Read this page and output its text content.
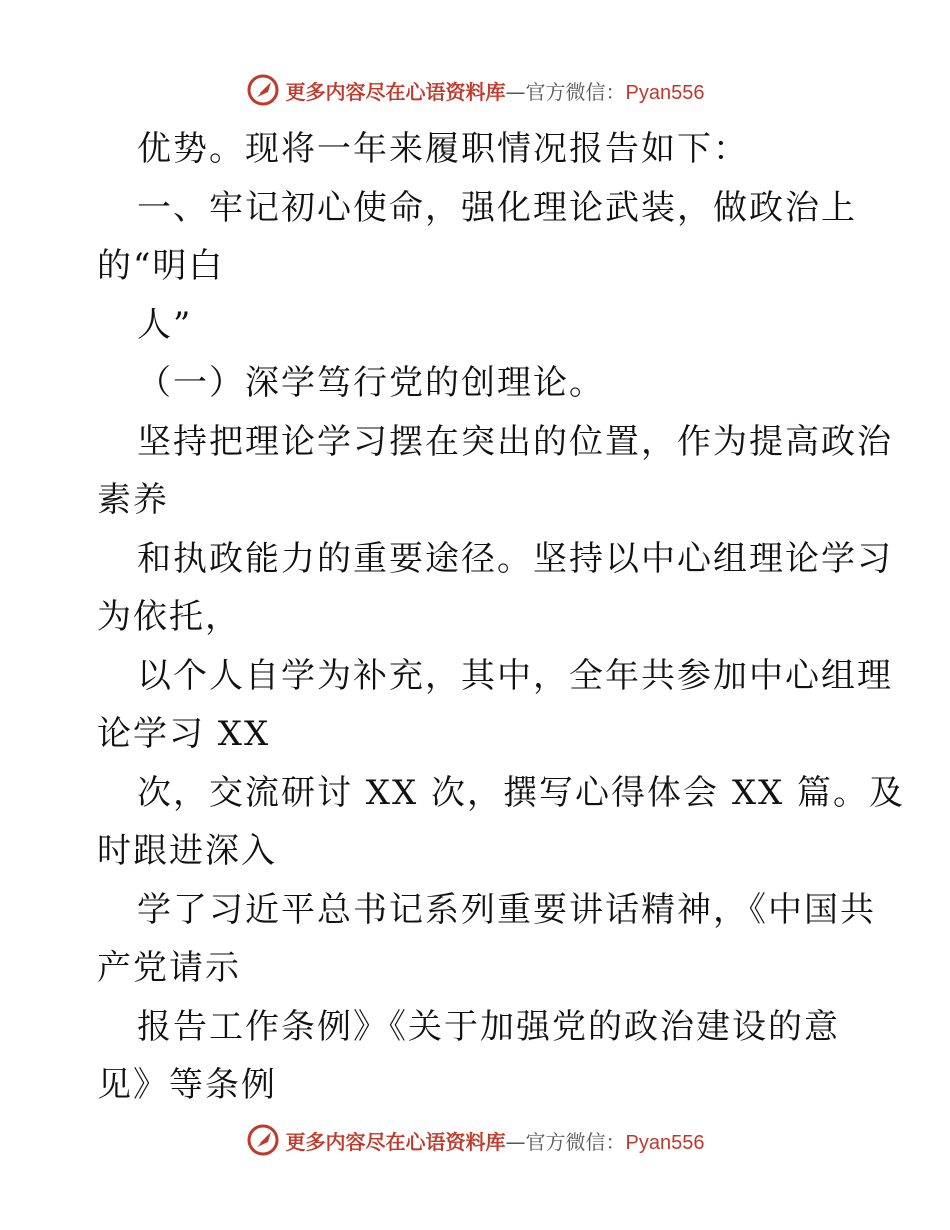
更多内容尽在心语资料库—官方微信：Pyan556
优势。现将一年来履职情况报告如下：
一、牢记初心使命，强化理论武装，做政治上
的“明白
人”
（一）深学笃行党的创理论。
坚持把理论学习摆在突出的位置，作为提高政治
素养
和执政能力的重要途径。坚持以中心组理论学习
为依托，
以个人自学为补充，其中，全年共参加中心组理
论学习 XX
次，交流研讨 XX 次，撰写心得体会 XX 篇。及
时跟进深入
学了习近平总书记系列重要讲话精神，《中国共
产党请示
报告工作条例》《关于加强党的政治建设的意
见》等条例
更多内容尽在心语资料库—官方微信：Pyan556
